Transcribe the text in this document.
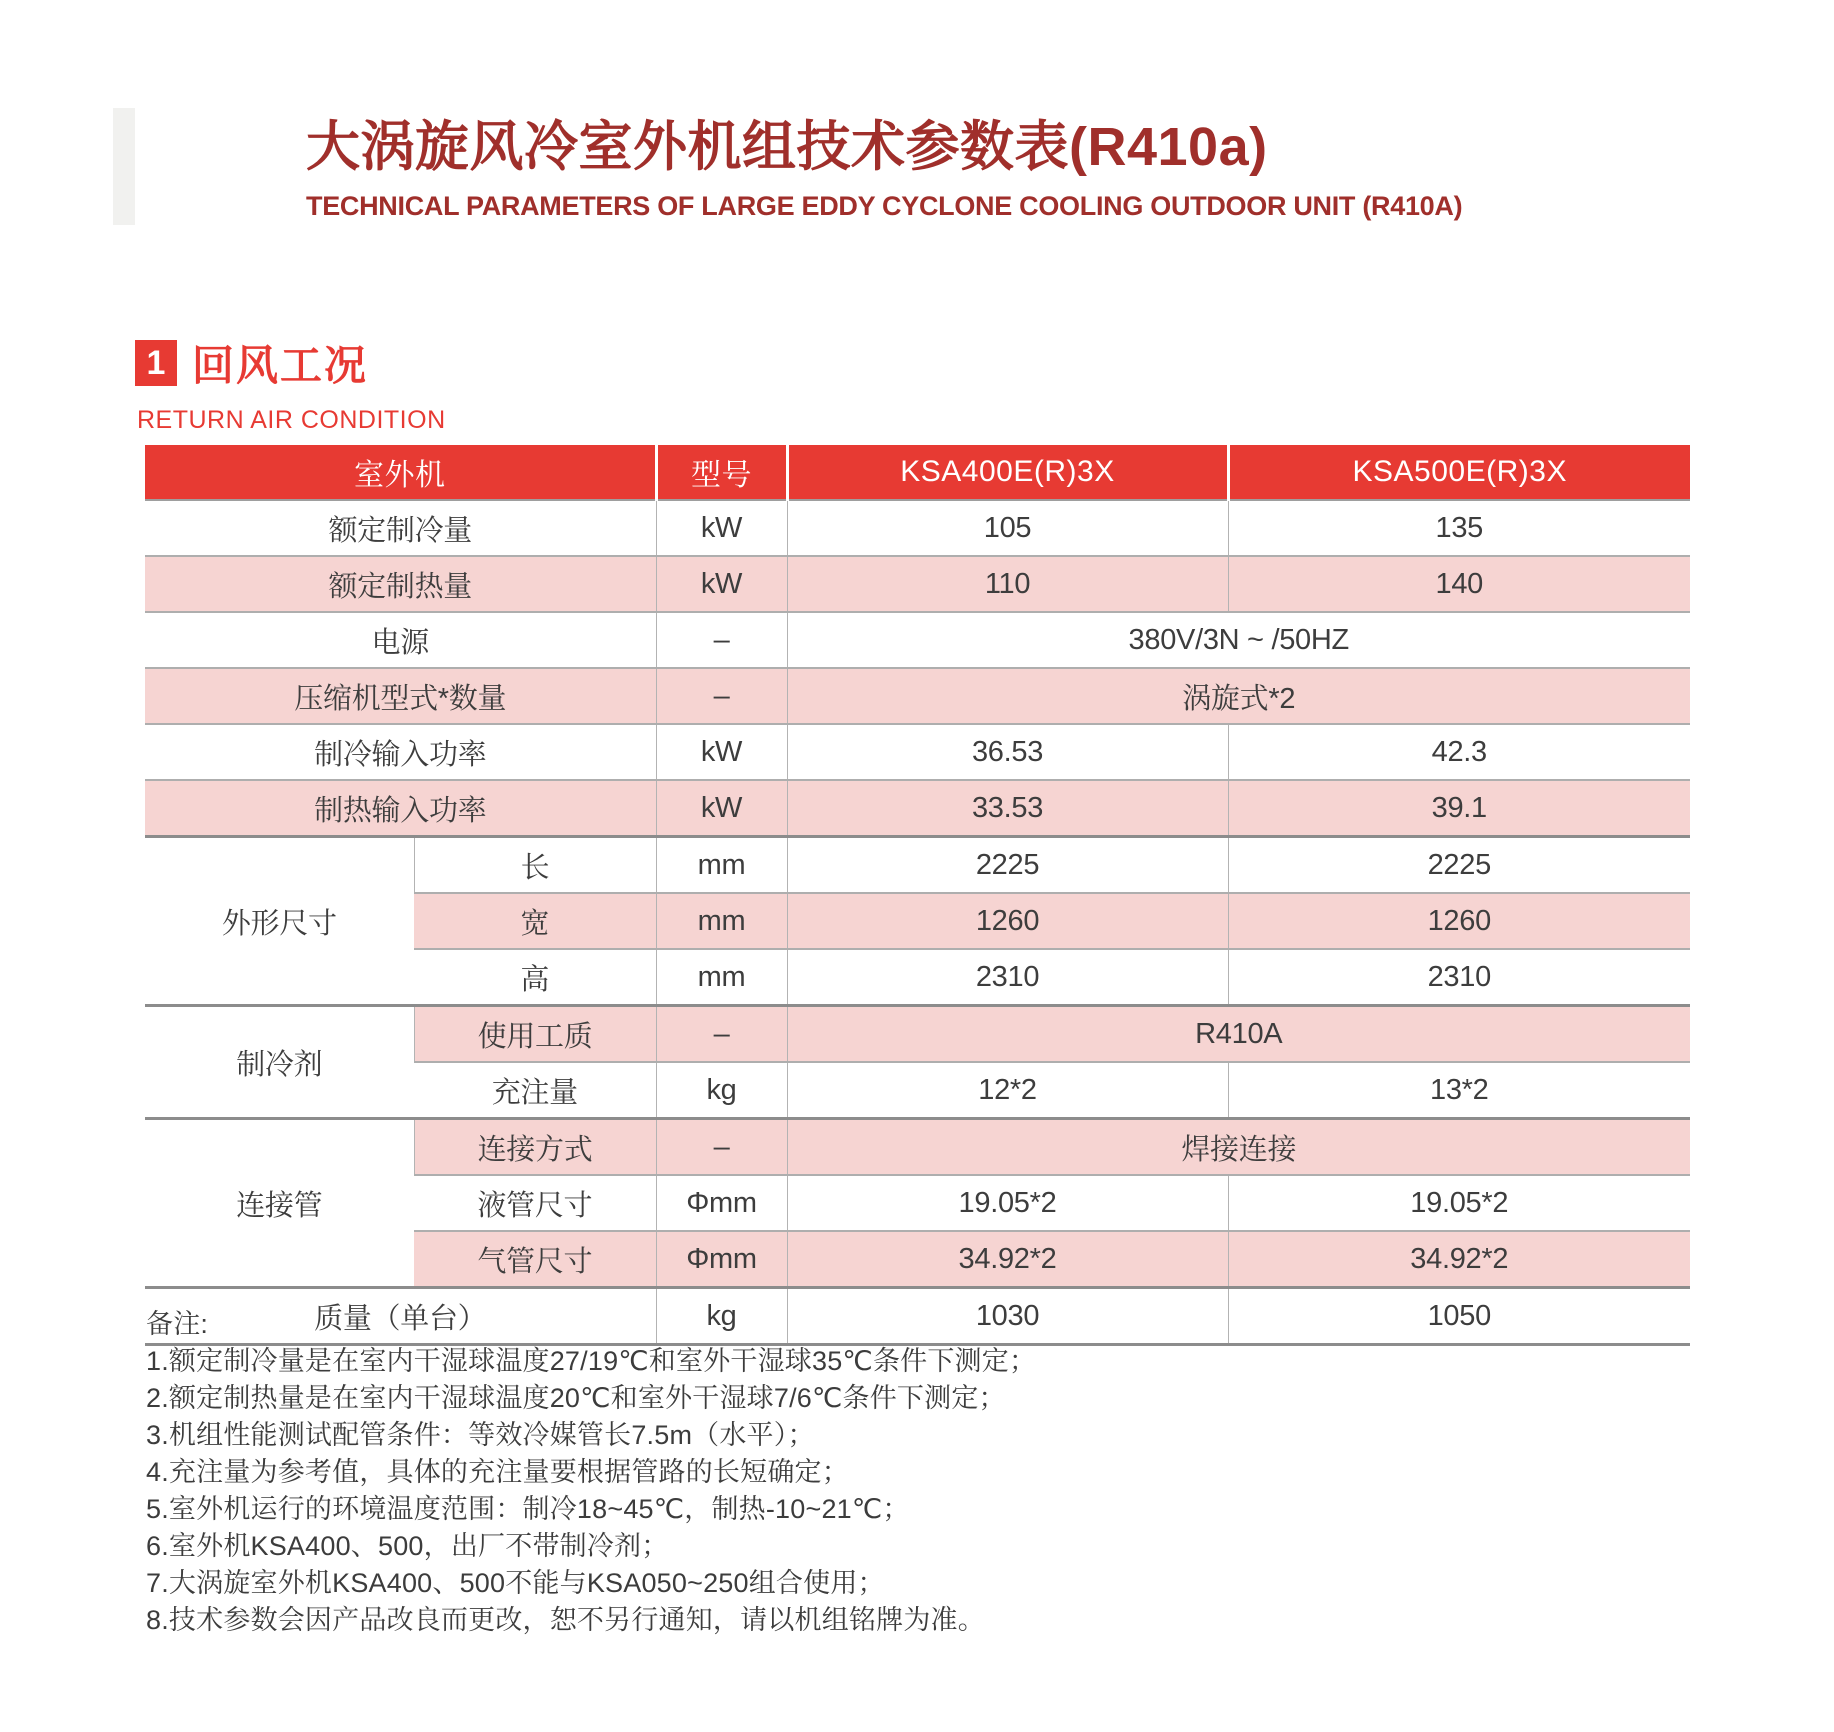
大涡旋风冷室外机组技术参数表(R410a)
TECHNICAL PARAMETERS OF LARGE EDDY CYCLONE COOLING OUTDOOR UNIT (R410A)
1 回风工况
RETURN AIR CONDITION
室外机		型号	KSA400E(R)3X	KSA500E(R)3X
额定制冷量		kW	105	135
额定制热量		kW	110	140
电源		–	380V/3N ~ /50HZ	
压缩机型式*数量		–	涡旋式*2	
制冷输入功率		kW	36.53	42.3
制热输入功率		kW	33.53	39.1
外形尺寸	长	mm	2225	2225
	宽	mm	1260	1260
	高	mm	2310	2310
制冷剂	使用工质	–	R410A	
	充注量	kg	12*2	13*2
连接管	连接方式	–	焊接连接	
	液管尺寸	Φmm	19.05*2	19.05*2
	气管尺寸	Φmm	34.92*2	34.92*2
质量（单台）		kg	1030	1050
备注:
1.额定制冷量是在室内干湿球温度27/19℃和室外干湿球35℃条件下测定；
2.额定制热量是在室内干湿球温度20℃和室外干湿球7/6℃条件下测定；
3.机组性能测试配管条件：等效冷媒管长7.5m（水平）；
4.充注量为参考值，具体的充注量要根据管路的长短确定；
5.室外机运行的环境温度范围：制冷18~45℃，制热-10~21℃；
6.室外机KSA400、500，出厂不带制冷剂；
7.大涡旋室外机KSA400、500不能与KSA050~250组合使用；
8.技术参数会因产品改良而更改，恕不另行通知，请以机组铭牌为准。
